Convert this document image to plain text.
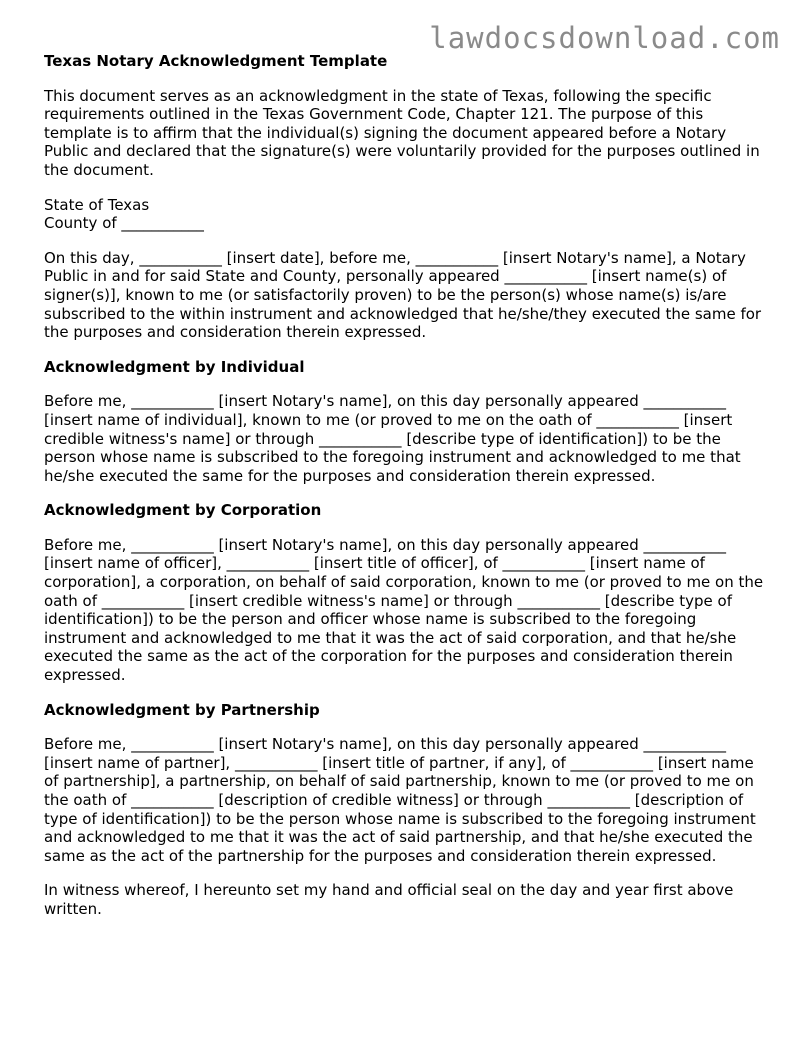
lawdocsdownload.com
Texas Notary Acknowledgment Template
This document serves as an acknowledgment in the state of Texas, following the specific requirements outlined in the Texas Government Code, Chapter 121. The purpose of this template is to affirm that the individual(s) signing the document appeared before a Notary Public and declared that the signature(s) were voluntarily provided for the purposes outlined in the document.
State of Texas
County of ___________
On this day, ___________ [insert date], before me, ___________ [insert Notary's name], a Notary Public in and for said State and County, personally appeared ___________ [insert name(s) of signer(s)], known to me (or satisfactorily proven) to be the person(s) whose name(s) is/are subscribed to the within instrument and acknowledged that he/she/they executed the same for the purposes and consideration therein expressed.
Acknowledgment by Individual
Before me, ___________ [insert Notary's name], on this day personally appeared ___________ [insert name of individual], known to me (or proved to me on the oath of ___________ [insert credible witness's name] or through ___________ [describe type of identification]) to be the person whose name is subscribed to the foregoing instrument and acknowledged to me that he/she executed the same for the purposes and consideration therein expressed.
Acknowledgment by Corporation
Before me, ___________ [insert Notary's name], on this day personally appeared ___________ [insert name of officer], ___________ [insert title of officer], of ___________ [insert name of corporation], a corporation, on behalf of said corporation, known to me (or proved to me on the oath of ___________ [insert credible witness's name] or through ___________ [describe type of identification]) to be the person and officer whose name is subscribed to the foregoing instrument and acknowledged to me that it was the act of said corporation, and that he/she executed the same as the act of the corporation for the purposes and consideration therein expressed.
Acknowledgment by Partnership
Before me, ___________ [insert Notary's name], on this day personally appeared ___________ [insert name of partner], ___________ [insert title of partner, if any], of ___________ [insert name of partnership], a partnership, on behalf of said partnership, known to me (or proved to me on the oath of ___________ [description of credible witness] or through ___________ [description of type of identification]) to be the person whose name is subscribed to the foregoing instrument and acknowledged to me that it was the act of said partnership, and that he/she executed the same as the act of the partnership for the purposes and consideration therein expressed.
In witness whereof, I hereunto set my hand and official seal on the day and year first above written.
